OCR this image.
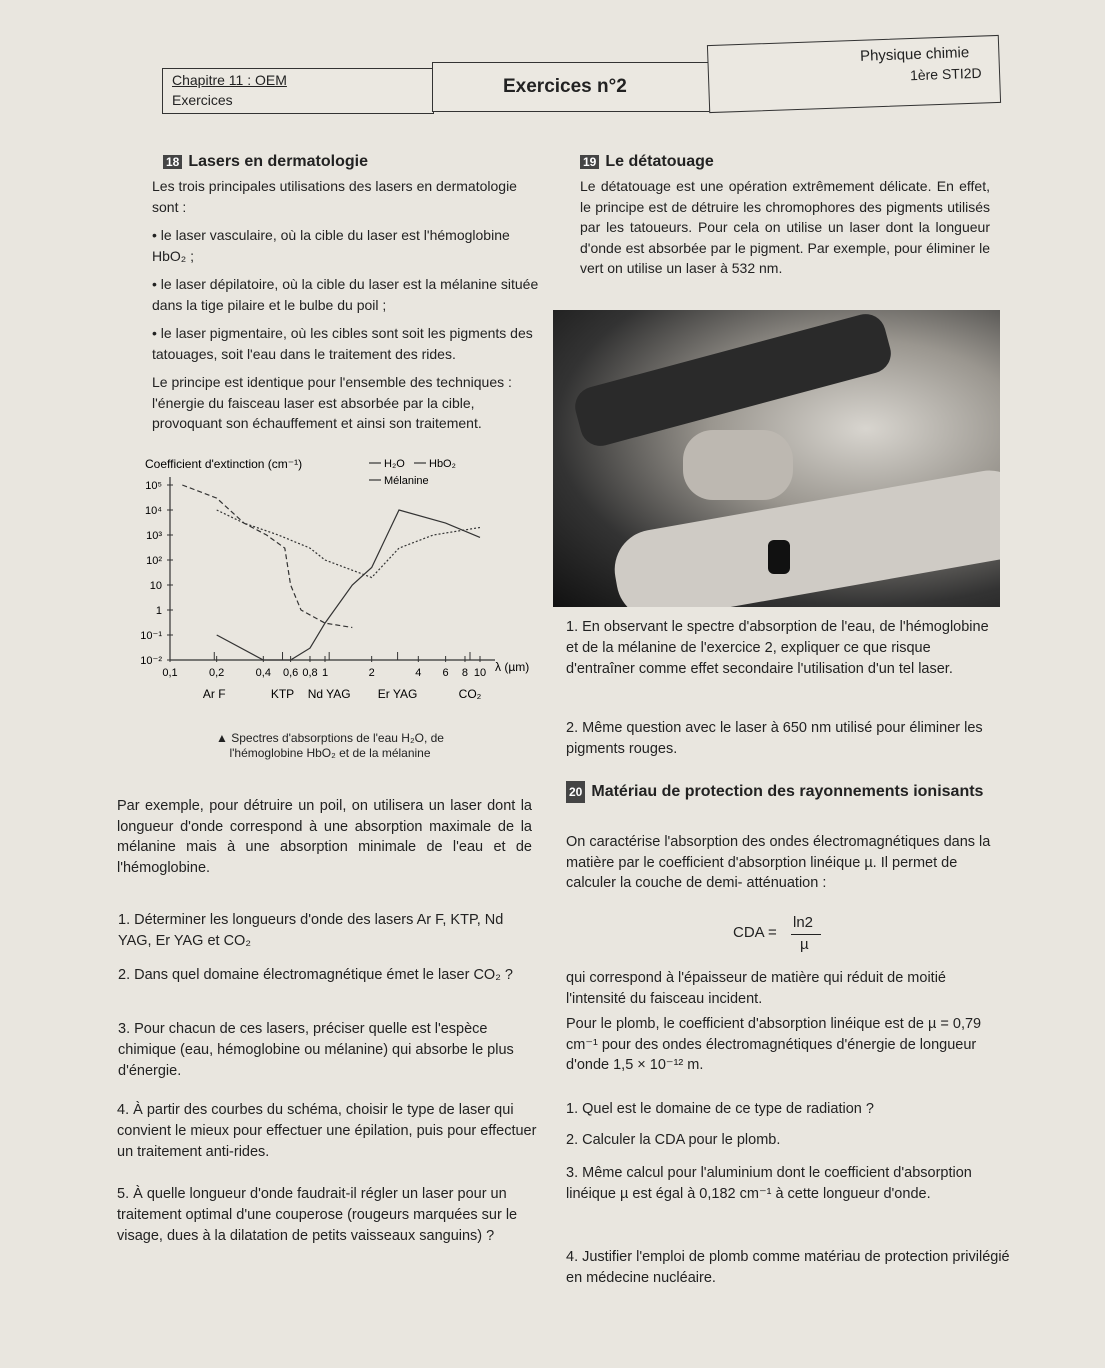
Chapitre 11 : OEM
Exercices
Exercices n°2
Physique chimie
1ère STI2D
18 Lasers en dermatologie

Les trois principales utilisations des lasers en dermatologie sont :

• le laser vasculaire, où la cible du laser est l'hémoglobine HbO₂ ;

• le laser dépilatoire, où la cible du laser est la mélanine située dans la tige pilaire et le bulbe du poil ;

• le laser pigmentaire, où les cibles sont soit les pigments des tatouages, soit l'eau dans le traitement des rides.

Le principe est identique pour l'ensemble des techniques : l'énergie du faisceau laser est absorbée par la cible, provoquant son échauffement et ainsi son traitement.

Coefficient d'extinction (cm⁻¹)	H₂O HbO₂
Mélanine
0,1	0,2	0,4 0,6 0,8 1	2	4 6 8 10
10⁻²
10⁻¹
1
10
10²
10³
10⁴
10⁵
λ (µm)
Ar F	KTP Nd YAG Er YAG	CO₂
▲ Spectres d'absorptions de l'eau H₂O, de l'hémoglobine HbO₂ et de la mélanine
Par exemple, pour détruire un poil, on utilisera un laser dont la longueur d'onde correspond à une absorption maximale de la mélanine mais à une absorption minimale de l'eau et de l'hémoglobine.
1. Déterminer les longueurs d'onde des lasers Ar F, KTP, Nd YAG, Er YAG et CO₂
2. Dans quel domaine électromagnétique émet le laser CO₂ ?
3. Pour chacun de ces lasers, préciser quelle est l'espèce chimique (eau, hémoglobine ou mélanine) qui absorbe le plus d'énergie.
4. À partir des courbes du schéma, choisir le type de laser qui convient le mieux pour effectuer une épilation, puis pour effectuer un traitement anti-rides.
5. À quelle longueur d'onde faudrait-il régler un laser pour un traitement optimal d'une couperose (rougeurs marquées sur le visage, dues à la dilatation de petits vaisseaux sanguins) ?
19 Le détatouage
Le détatouage est une opération extrêmement délicate. En effet, le principe est de détruire les chromophores des pigments utilisés par les tatoueurs. Pour cela on utilise un laser dont la longueur d'onde est absorbée par le pigment. Par exemple, pour éliminer le vert on utilise un laser à 532 nm.
1. En observant le spectre d'absorption de l'eau, de l'hémoglobine et de la mélanine de l'exercice 2, expliquer ce que risque d'entraîner comme effet secondaire l'utilisation d'un tel laser.
2. Même question avec le laser à 650 nm utilisé pour éliminer les pigments rouges.
20 Matériau de protection des rayonnements ionisants
On caractérise l'absorption des ondes électromagnétiques dans la matière par le coefficient d'absorption linéique µ. Il permet de calculer la couche de demi- atténuation :
CDA =
ln2
µ
qui correspond à l'épaisseur de matière qui réduit de moitié l'intensité du faisceau incident.
Pour le plomb, le coefficient d'absorption linéique est de µ = 0,79 cm⁻¹ pour des ondes électromagnétiques d'énergie de longueur d'onde 1,5 × 10⁻¹² m.
1. Quel est le domaine de ce type de radiation ?
2. Calculer la CDA pour le plomb.
3. Même calcul pour l'aluminium dont le coefficient d'absorption linéique µ est égal à 0,182 cm⁻¹ à cette longueur d'onde.
4. Justifier l'emploi de plomb comme matériau de protection privilégié en médecine nucléaire.
